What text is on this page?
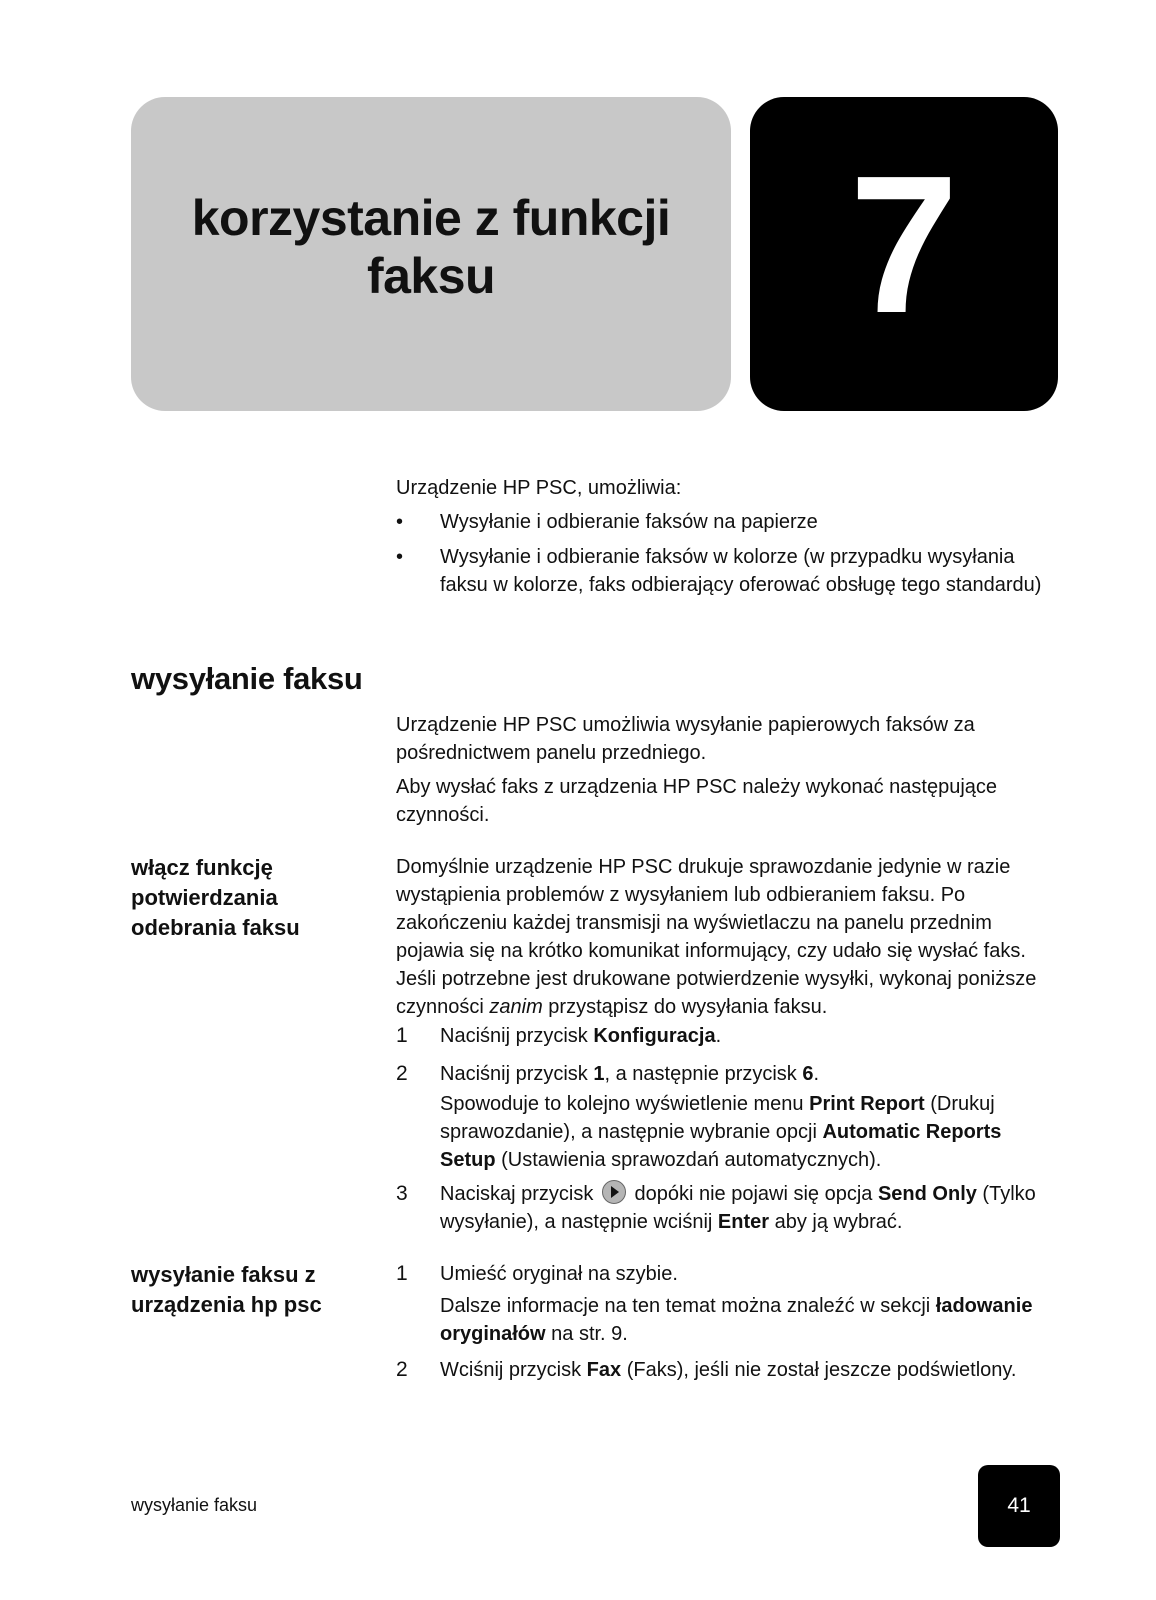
korzystanie z funkcji
faksu	7
Urządzenie HP PSC, umożliwia:
•	Wysyłanie i odbieranie faksów na papierze
•	Wysyłanie i odbieranie faksów w kolorze (w przypadku wysyłania faksu w kolorze, faks odbierający oferować obsługę tego standardu)
wysyłanie faksu
Urządzenie HP PSC umożliwia wysyłanie papierowych faksów za pośrednictwem panelu przedniego.
Aby wysłać faks z urządzenia HP PSC należy wykonać następujące czynności.
włącz funkcję
potwierdzania
odebrania faksu
Domyślnie urządzenie HP PSC drukuje sprawozdanie jedynie w razie wystąpienia problemów z wysyłaniem lub odbieraniem faksu. Po zakończeniu każdej transmisji na wyświetlaczu na panelu przednim pojawia się na krótko komunikat informujący, czy udało się wysłać faks. Jeśli potrzebne jest drukowane potwierdzenie wysyłki, wykonaj poniższe czynności zanim przystąpisz do wysyłania faksu.
1 Naciśnij przycisk Konfiguracja.
2 Naciśnij przycisk 1, a następnie przycisk 6.
Spowoduje to kolejno wyświetlenie menu Print Report (Drukuj sprawozdanie), a następnie wybranie opcji Automatic Reports Setup (Ustawienia sprawozdań automatycznych).
3 Naciskaj przycisk  dopóki nie pojawi się opcja Send Only (Tylko wysyłanie), a następnie wciśnij Enter aby ją wybrać.
wysyłanie faksu z
urządzenia hp psc
1 Umieść oryginał na szybie.
Dalsze informacje na ten temat można znaleźć w sekcji ładowanie oryginałów na str. 9.
2 Wciśnij przycisk Fax (Faks), jeśli nie został jeszcze podświetlony.
wysyłanie faksu	41
